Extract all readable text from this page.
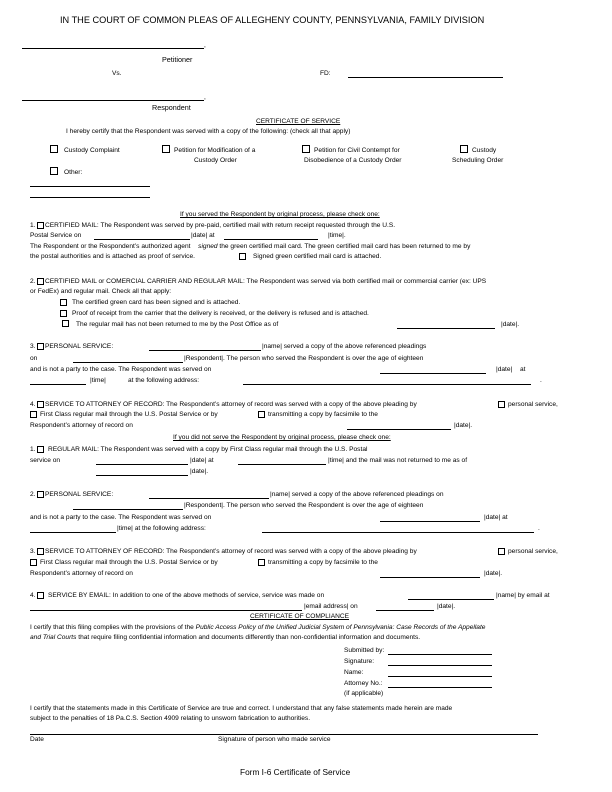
IN THE COURT OF COMMON PLEAS OF ALLEGHENY COUNTY, PENNSYLVANIA, FAMILY DIVISION
,
Petitioner
Vs.	FD:
,
Respondent
CERTIFICATE OF SERVICE
I hereby certify that the Respondent was served with a copy of the following: (check all that apply)
Custody Complaint	Petition for Modification of a
Custody Order
Petition for Civil Contempt for
Disobedience of a Custody Order
Custody
Scheduling Order
Other:
If you served the Respondent by original process, please check one:
1. CERTIFIED MAIL: The Respondent was served by pre-paid, certified mail with return receipt requested through the U.S.
Postal Service on	|date| at	|time|.
The Respondent or the Respondent’s authorized agent signed the green certified mail card. The green certified mail card has been returned to me by
the postal authorities and is attached as proof of service.	Signed green certified mail card is attached.
2. CERTIFIED MAIL or COMERCIAL CARRIER AND REGULAR MAIL: The Respondent was served via both certified mail or commercial carrier (ex: UPS
or FedEx) and regular mail. Check all that apply:
The certified green card has been signed and is attached.
Proof of receipt from the carrier that the delivery is received, or the delivery is refused and is attached.
The regular mail has not been returned to me by the Post Office as of	|date|.
3. PERSONAL SERVICE:	|name| served a copy of the above referenced pleadings
on	|Respondent|. The person who served the Respondent is over the age of eighteen
and is not a party to the case. The Respondent was served on	|date| at
|time|	at the following address:	.
4. SERVICE TO ATTORNEY OF RECORD: The Respondent’s attorney of record was served with a copy of the above pleading by	personal service,
First Class regular mail through the U.S. Postal Service or by	transmitting a copy by facsimile to the
Respondent’s attorney of record on	|date|.
If you did not serve the Respondent by original process, please check one:
1. REGULAR MAIL: The Respondent was served with a copy by First Class regular mail through the U.S. Postal
service on	|date| at	|time| and the mail was not returned to me as of
|date|.
2. PERSONAL SERVICE:	|name| served a copy of the above referenced pleadings on
|Respondent|. The person who served the Respondent is over the age of eighteen
and is not a party to the case. The Respondent was served on	|date| at
|time| at the following address:	.
3. SERVICE TO ATTORNEY OF RECORD: The Respondent’s attorney of record was served with a copy of the above pleading by	personal service,
First Class regular mail through the U.S. Postal Service or by	transmitting a copy by facsimile to the
Respondent’s attorney of record on	|date|.
4. SERVICE BY EMAIL: In addition to one of the above methods of service, service was made on	|name| by email at
|email address| on	|date|.
CERTIFICATE OF COMPLIANCE
I certify that this filing complies with the provisions of the Public Access Policy of the Unified Judicial System of Pennsylvania: Case Records of the Appellate
and Trial Courts that require filing confidential information and documents differently than non-confidential information and documents.
Submitted by:
Signature:
Name:
Attorney No.:
(if applicable)
I certify that the statements made in this Certificate of Service are true and correct. I understand that any false statements made herein are made
subject to the penalties of 18 Pa.C.S. Section 4909 relating to unsworn fabrication to authorities.
Date	Signature of person who made service
Form I-6 Certificate of Service
